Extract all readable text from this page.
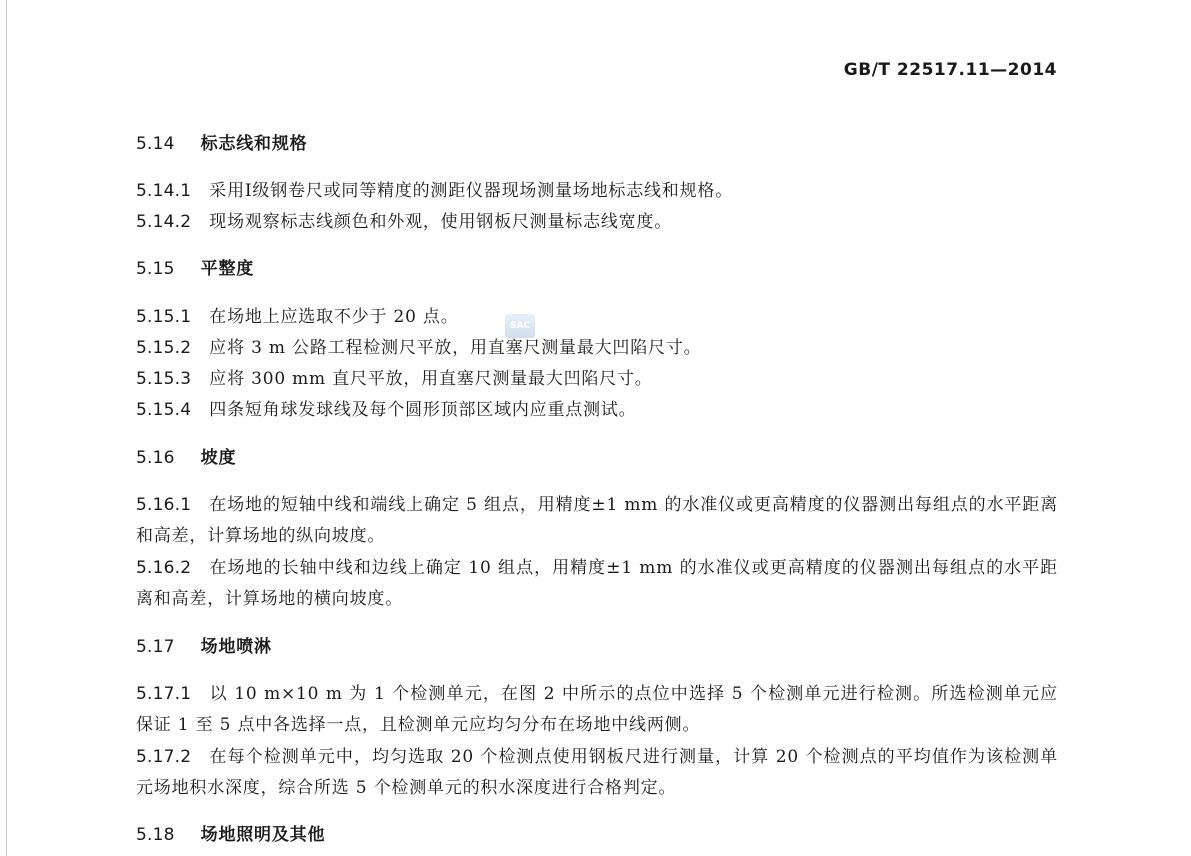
GB/T 22517.11—2014
SAC
5.14 标志线和规格
5.14.1 采用Ⅰ级钢卷尺或同等精度的测距仪器现场测量场地标志线和规格。
5.14.2 现场观察标志线颜色和外观，使用钢板尺测量标志线宽度。
5.15 平整度
5.15.1 在场地上应选取不少于 20 点。
5.15.2 应将 3 m 公路工程检测尺平放，用直塞尺测量最大凹陷尺寸。
5.15.3 应将 300 mm 直尺平放，用直塞尺测量最大凹陷尺寸。
5.15.4 四条短角球发球线及每个圆形顶部区域内应重点测试。
5.16 坡度
5.16.1 在场地的短轴中线和端线上确定 5 组点，用精度±1 mm 的水准仪或更高精度的仪器测出每组点的水平距离和高差，计算场地的纵向坡度。
5.16.2 在场地的长轴中线和边线上确定 10 组点，用精度±1 mm 的水准仪或更高精度的仪器测出每组点的水平距离和高差，计算场地的横向坡度。
5.17 场地喷淋
5.17.1 以 10 m×10 m 为 1 个检测单元，在图 2 中所示的点位中选择 5 个检测单元进行检测。所选检测单元应保证 1 至 5 点中各选择一点，且检测单元应均匀分布在场地中线两侧。
5.17.2 在每个检测单元中，均匀选取 20 个检测点使用钢板尺进行测量，计算 20 个检测点的平均值作为该检测单元场地积水深度，综合所选 5 个检测单元的积水深度进行合格判定。
5.18 场地照明及其他
